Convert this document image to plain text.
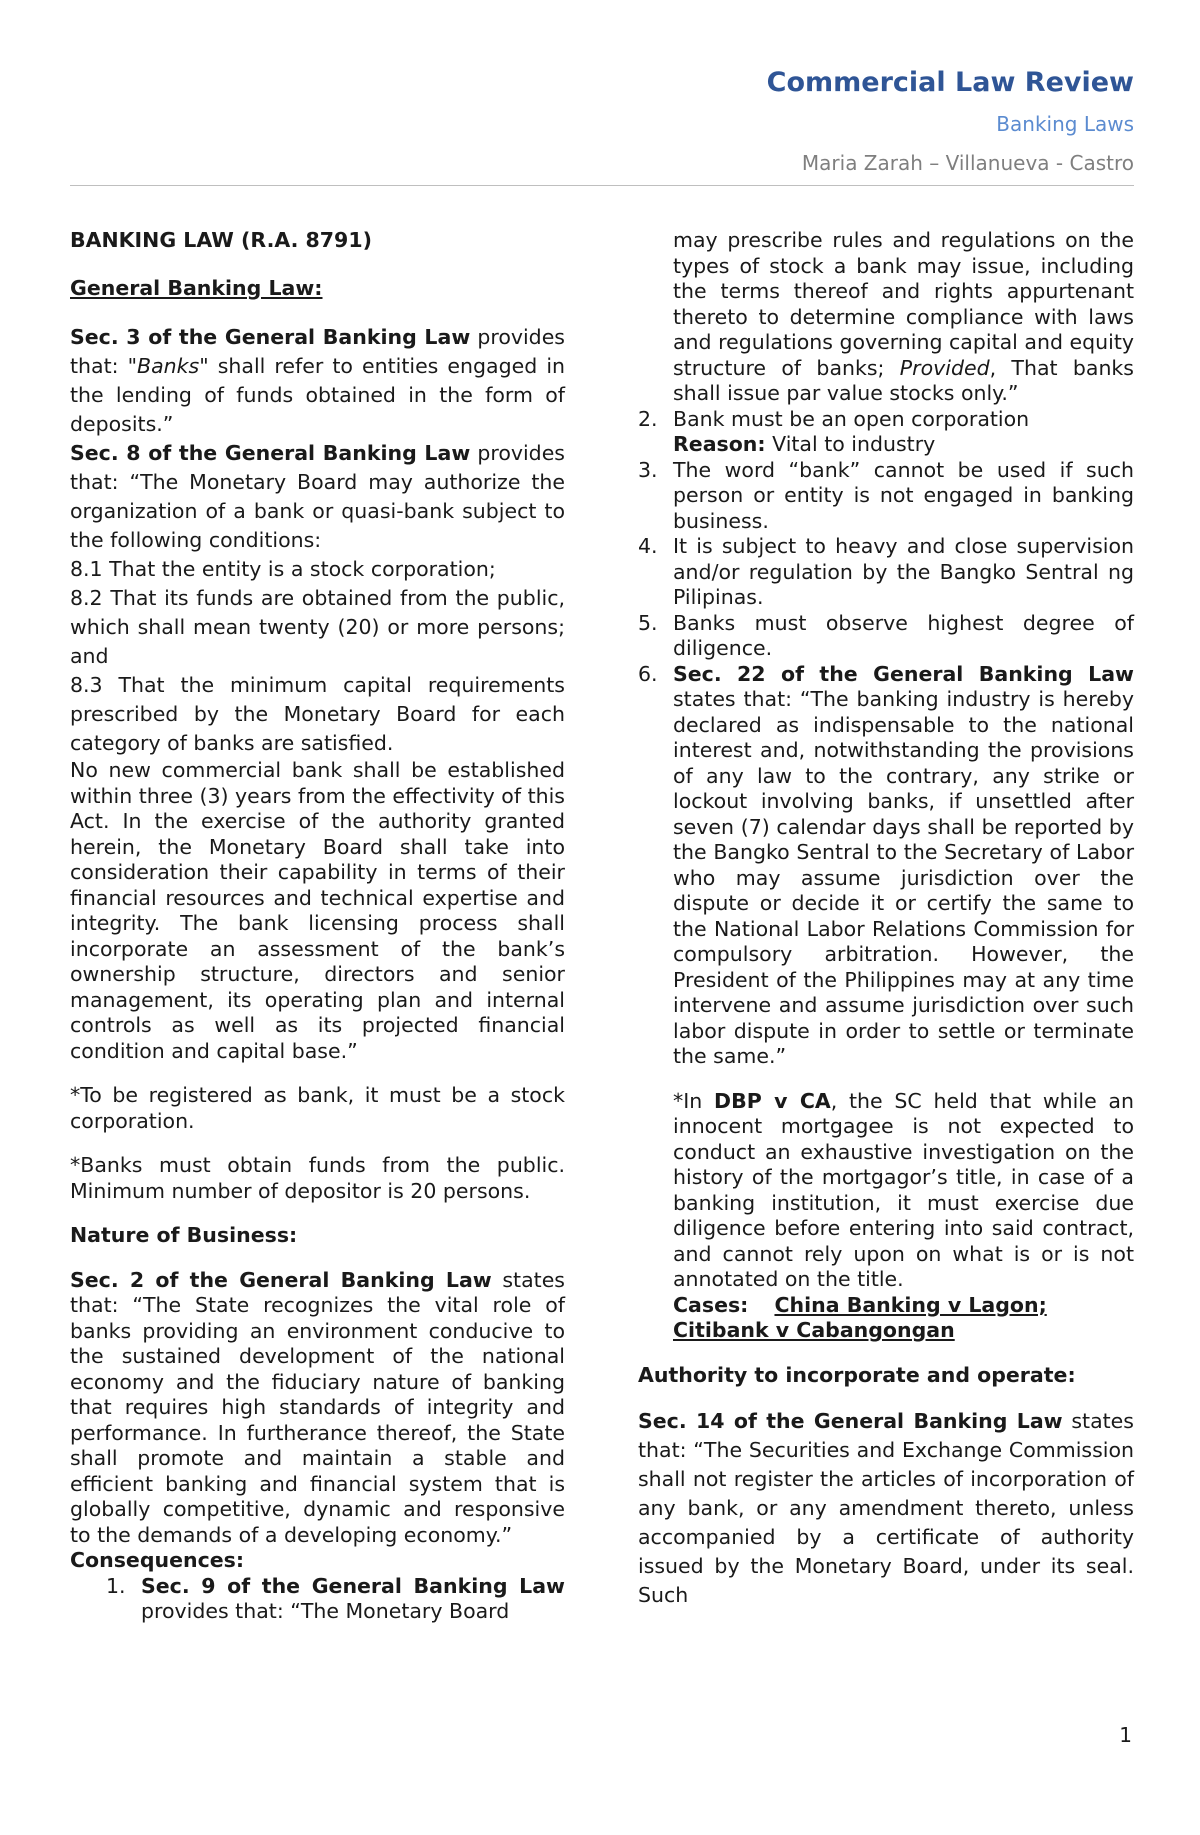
Commercial Law Review
Banking Laws
Maria Zarah – Villanueva - Castro

BANKING LAW (R.A. 8791)

General Banking Law:

Sec. 3 of the General Banking Law provides that: "Banks" shall refer to entities engaged in the lending of funds obtained in the form of deposits.”

Sec. 8 of the General Banking Law provides that: “The Monetary Board may authorize the organization of a bank or quasi-bank subject to the following conditions:

8.1 That the entity is a stock corporation;

8.2 That its funds are obtained from the public, which shall mean twenty (20) or more persons; and

8.3 That the minimum capital requirements prescribed by the Monetary Board for each category of banks are satisfied.

No new commercial bank shall be established within three (3) years from the effectivity of this Act. In the exercise of the authority granted herein, the Monetary Board shall take into consideration their capability in terms of their financial resources and technical expertise and integrity. The bank licensing process shall incorporate an assessment of the bank’s ownership structure, directors and senior management, its operating plan and internal controls as well as its projected financial condition and capital base.”

*To be registered as bank, it must be a stock corporation.

*Banks must obtain funds from the public. Minimum number of depositor is 20 persons.

Nature of Business:

Sec. 2 of the General Banking Law states that: “The State recognizes the vital role of banks providing an environment conducive to the sustained development of the national economy and the fiduciary nature of banking that requires high standards of integrity and performance. In furtherance thereof, the State shall promote and maintain a stable and efficient banking and financial system that is globally competitive, dynamic and responsive to the demands of a developing economy.”

Consequences:

1. Sec. 9 of the General Banking Law provides that: “The Monetary Board

may prescribe rules and regulations on the types of stock a bank may issue, including the terms thereof and rights appurtenant thereto to determine compliance with laws and regulations governing capital and equity structure of banks; Provided, That banks shall issue par value stocks only.”

2. Bank must be an open corporation
Reason: Vital to industry
3. The word “bank” cannot be used if such person or entity is not engaged in banking business.
4. It is subject to heavy and close supervision and/or regulation by the Bangko Sentral ng Pilipinas.
5. Banks must observe highest degree of diligence.
6. Sec. 22 of the General Banking Law states that: “The banking industry is hereby declared as indispensable to the national interest and, notwithstanding the provisions of any law to the contrary, any strike or lockout involving banks, if unsettled after seven (7) calendar days shall be reported by the Bangko Sentral to the Secretary of Labor who may assume jurisdiction over the dispute or decide it or certify the same to the National Labor Relations Commission for compulsory arbitration. However, the President of the Philippines may at any time intervene and assume jurisdiction over such labor dispute in order to settle or terminate the same.”

*In DBP v CA, the SC held that while an innocent mortgagee is not expected to conduct an exhaustive investigation on the history of the mortgagor’s title, in case of a banking institution, it must exercise due diligence before entering into said contract, and cannot rely upon on what is or is not annotated on the title.

Cases: China Banking v Lagon;
Citibank v Cabangongan

Authority to incorporate and operate:

Sec. 14 of the General Banking Law states that: “The Securities and Exchange Commission shall not register the articles of incorporation of any bank, or any amendment thereto, unless accompanied by a certificate of authority issued by the Monetary Board, under its seal. Such

1
